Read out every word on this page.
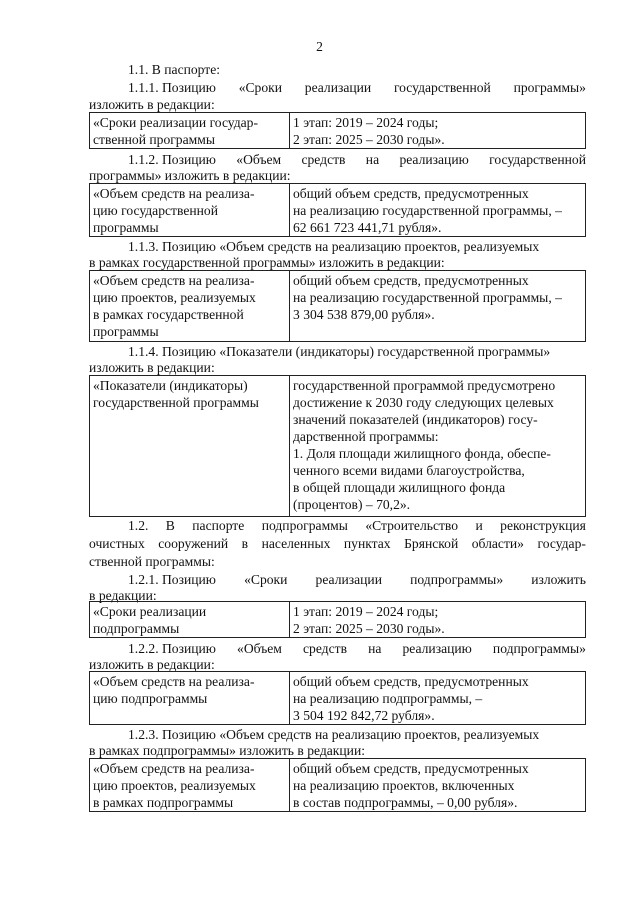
2
1.1. В паспорте:
1.1.1. Позицию «Сроки реализации государственной программы»
изложить в редакции:
«Сроки реализации государ-
ственной программы
1 этап: 2019 – 2024 годы;
2 этап: 2025 – 2030 годы».
1.1.2. Позицию «Объем средств на реализацию государственной
программы» изложить в редакции:
«Объем средств на реализа-
цию государственной
программы
общий объем средств, предусмотренных
на реализацию государственной программы, –
62 661 723 441,71 рубля».
1.1.3. Позицию «Объем средств на реализацию проектов, реализуемых
в рамках государственной программы» изложить в редакции:
«Объем средств на реализа-
цию проектов, реализуемых
в рамках государственной
программы
общий объем средств, предусмотренных
на реализацию государственной программы, –
3 304 538 879,00 рубля».
1.1.4. Позицию «Показатели (индикаторы) государственной программы»
изложить в редакции:
«Показатели (индикаторы)
государственной программы
государственной программой предусмотрено
достижение к 2030 году следующих целевых
значений показателей (индикаторов) госу-
дарственной программы:
1. Доля площади жилищного фонда, обеспе-
ченного всеми видами благоустройства,
в общей площади жилищного фонда
(процентов) – 70,2».
1.2. В паспорте подпрограммы «Строительство и реконструкция
очистных сооружений в населенных пунктах Брянской области» государ-
ственной программы:
1.2.1. Позицию «Сроки реализации подпрограммы» изложить
в редакции:
«Сроки реализации
подпрограммы
1 этап: 2019 – 2024 годы;
2 этап: 2025 – 2030 годы».
1.2.2. Позицию «Объем средств на реализацию подпрограммы»
изложить в редакции:
«Объем средств на реализа-
цию подпрограммы
общий объем средств, предусмотренных
на реализацию подпрограммы, –
3 504 192 842,72 рубля».
1.2.3. Позицию «Объем средств на реализацию проектов, реализуемых
в рамках подпрограммы» изложить в редакции:
«Объем средств на реализа-
цию проектов, реализуемых
в рамках подпрограммы
общий объем средств, предусмотренных
на реализацию проектов, включенных
в состав подпрограммы, – 0,00 рубля».
